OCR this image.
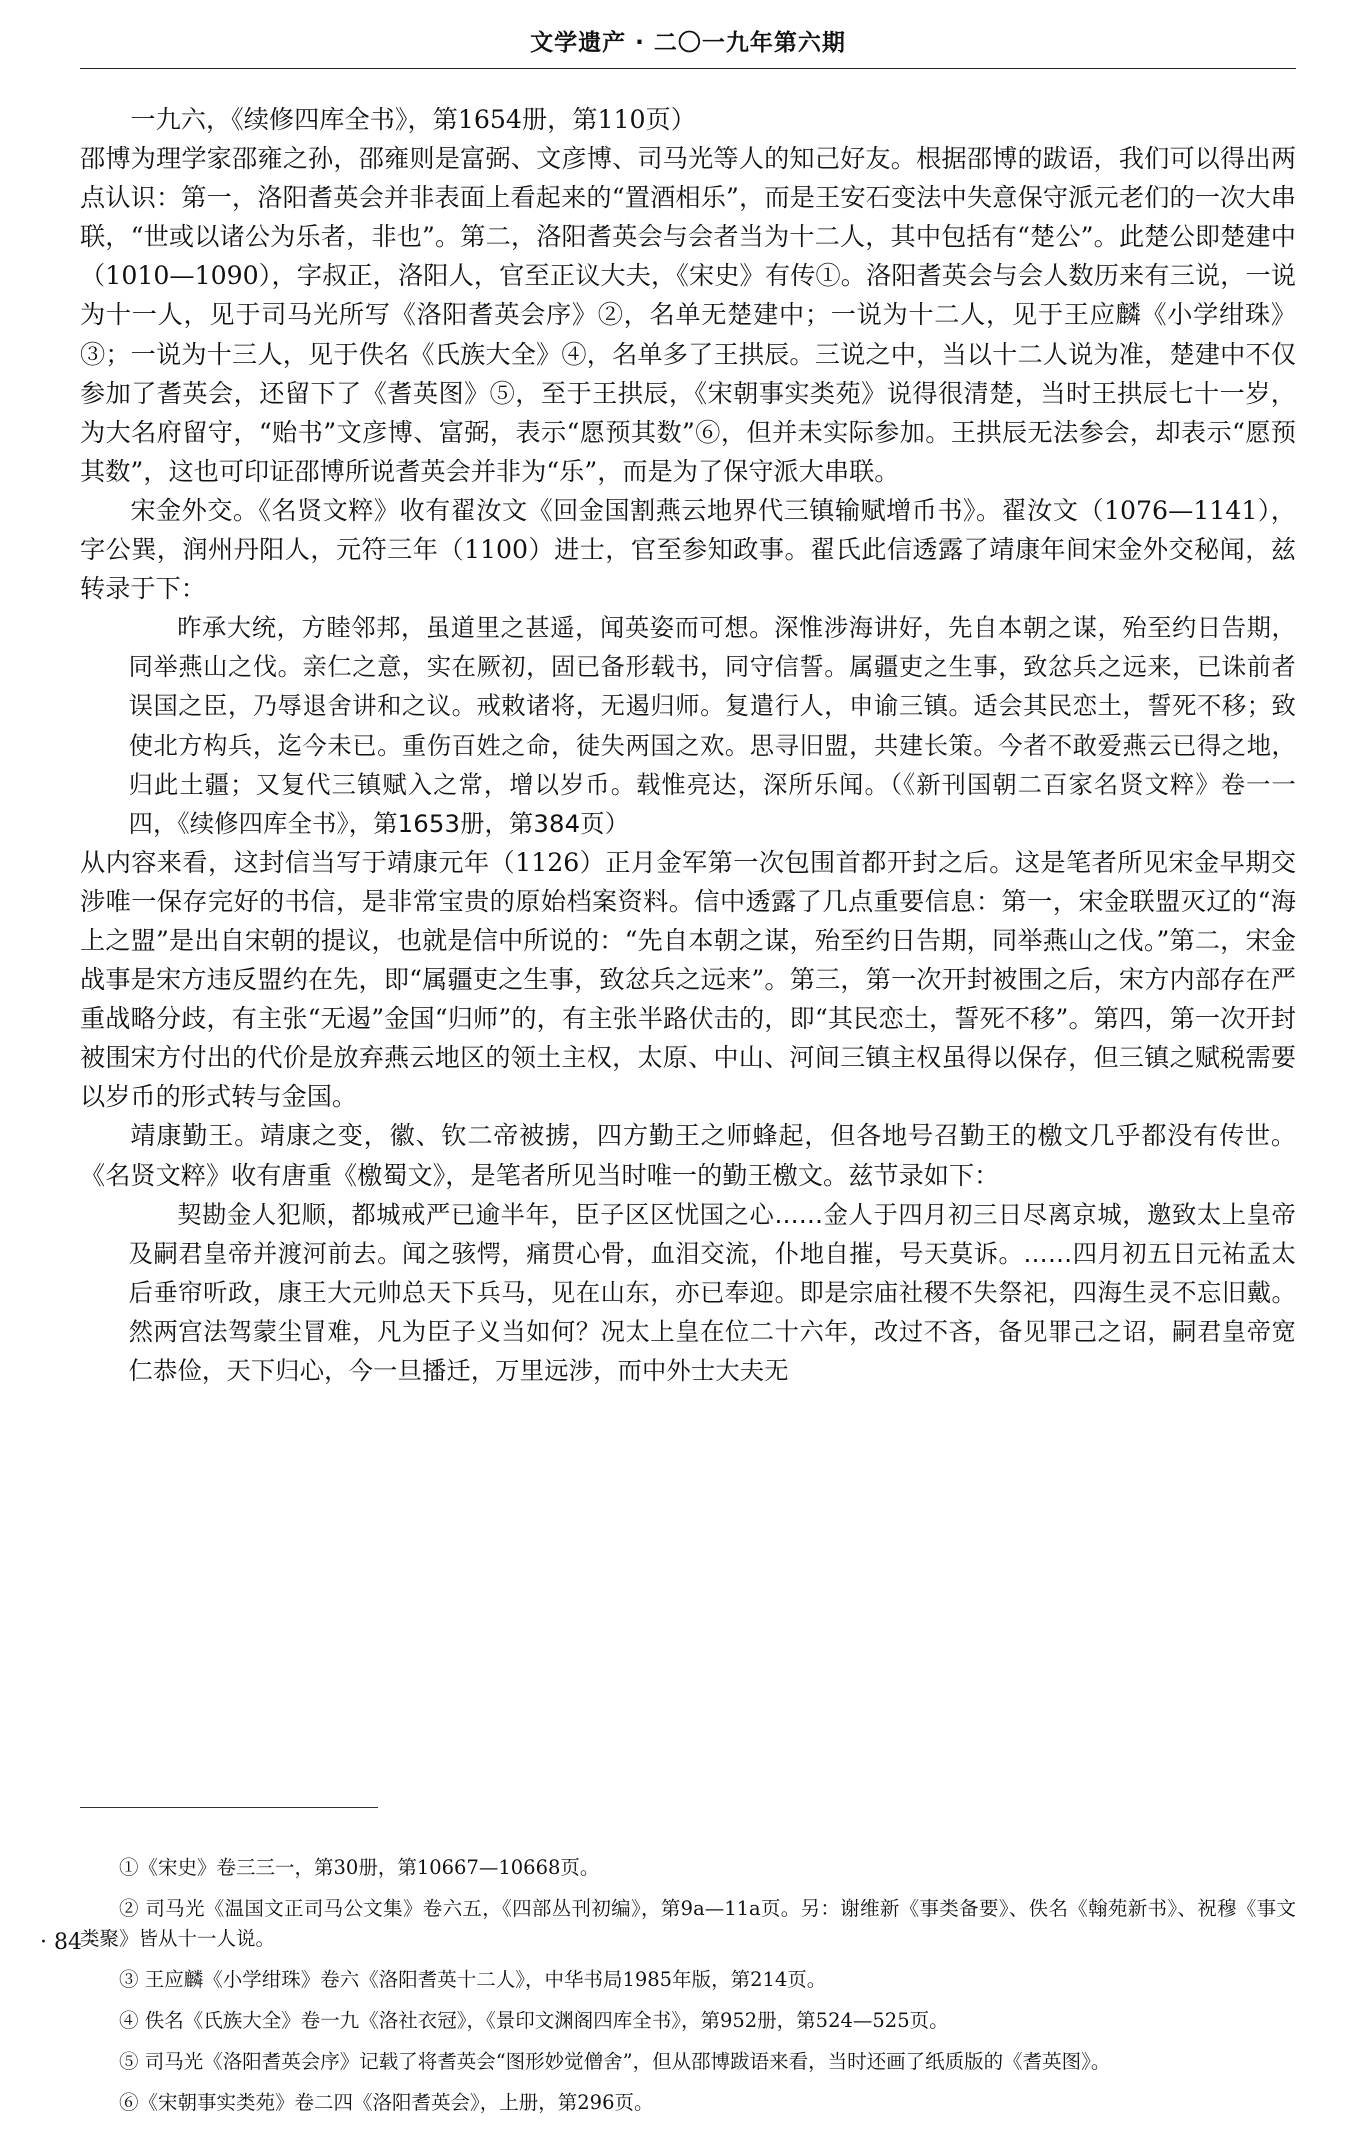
文学遗产 · 二〇一九年第六期

一九六，《续修四库全书》，第1654册，第110页）

邵博为理学家邵雍之孙，邵雍则是富弼、文彦博、司马光等人的知己好友。根据邵博的跋语，我们可以得出两点认识：第一，洛阳耆英会并非表面上看起来的“置酒相乐”，而是王安石变法中失意保守派元老们的一次大串联，“世或以诸公为乐者，非也”。第二，洛阳耆英会与会者当为十二人，其中包括有“楚公”。此楚公即楚建中（1010—1090），字叔正，洛阳人，官至正议大夫，《宋史》有传①。洛阳耆英会与会人数历来有三说，一说为十一人，见于司马光所写《洛阳耆英会序》②，名单无楚建中；一说为十二人，见于王应麟《小学绀珠》③；一说为十三人，见于佚名《氏族大全》④，名单多了王拱辰。三说之中，当以十二人说为准，楚建中不仅参加了耆英会，还留下了《耆英图》⑤，至于王拱辰，《宋朝事实类苑》说得很清楚，当时王拱辰七十一岁，为大名府留守，“贻书”文彦博、富弼，表示“愿预其数”⑥，但并未实际参加。王拱辰无法参会，却表示“愿预其数”，这也可印证邵博所说耆英会并非为“乐”，而是为了保守派大串联。

宋金外交。《名贤文粹》收有翟汝文《回金国割燕云地界代三镇输赋增币书》。翟汝文（1076—1141），字公巽，润州丹阳人，元符三年（1100）进士，官至参知政事。翟氏此信透露了靖康年间宋金外交秘闻，兹转录于下：

昨承大统，方睦邻邦，虽道里之甚遥，闻英姿而可想。深惟涉海讲好，先自本朝之谋，殆至约日告期，同举燕山之伐。亲仁之意，实在厥初，固已备形载书，同守信誓。属疆吏之生事，致忿兵之远来，已诛前者误国之臣，乃辱退舍讲和之议。戒敕诸将，无遏归师。复遣行人，申谕三镇。适会其民恋土，誓死不移；致使北方构兵，迄今未已。重伤百姓之命，徒失两国之欢。思寻旧盟，共建长策。今者不敢爱燕云已得之地，归此土疆；又复代三镇赋入之常，增以岁币。载惟亮达，深所乐闻。（《新刊国朝二百家名贤文粹》卷一一四，《续修四库全书》，第1653册，第384页）

从内容来看，这封信当写于靖康元年（1126）正月金军第一次包围首都开封之后。这是笔者所见宋金早期交涉唯一保存完好的书信，是非常宝贵的原始档案资料。信中透露了几点重要信息：第一，宋金联盟灭辽的“海上之盟”是出自宋朝的提议，也就是信中所说的：“先自本朝之谋，殆至约日告期，同举燕山之伐。”第二，宋金战事是宋方违反盟约在先，即“属疆吏之生事，致忿兵之远来”。第三，第一次开封被围之后，宋方内部存在严重战略分歧，有主张“无遏”金国“归师”的，有主张半路伏击的，即“其民恋土，誓死不移”。第四，第一次开封被围宋方付出的代价是放弃燕云地区的领土主权，太原、中山、河间三镇主权虽得以保存，但三镇之赋税需要以岁币的形式转与金国。

靖康勤王。靖康之变，徽、钦二帝被掳，四方勤王之师蜂起，但各地号召勤王的檄文几乎都没有传世。《名贤文粹》收有唐重《檄蜀文》，是笔者所见当时唯一的勤王檄文。兹节录如下：

契勘金人犯顺，都城戒严已逾半年，臣子区区忧国之心……金人于四月初三日尽离京城，邀致太上皇帝及嗣君皇帝并渡河前去。闻之骇愕，痛贯心骨，血泪交流，仆地自摧，号天莫诉。……四月初五日元祐孟太后垂帘听政，康王大元帅总天下兵马，见在山东，亦已奉迎。即是宗庙社稷不失祭祀，四海生灵不忘旧戴。然两宫法驾蒙尘冒难，凡为臣子义当如何？况太上皇在位二十六年，改过不吝，备见罪己之诏，嗣君皇帝宽仁恭俭，天下归心，今一旦播迁，万里远涉，而中外士大夫无

①《宋史》卷三三一，第30册，第10667—10668页。

② 司马光《温国文正司马公文集》卷六五，《四部丛刊初编》，第9a—11a页。另：谢维新《事类备要》、佚名《翰苑新书》、祝穆《事文类聚》皆从十一人说。

③ 王应麟《小学绀珠》卷六《洛阳耆英十二人》，中华书局1985年版，第214页。

④ 佚名《氏族大全》卷一九《洛社衣冠》，《景印文渊阁四库全书》，第952册，第524—525页。

⑤ 司马光《洛阳耆英会序》记载了将耆英会“图形妙觉僧舍”，但从邵博跋语来看，当时还画了纸质版的《耆英图》。

⑥《宋朝事实类苑》卷二四《洛阳耆英会》，上册，第296页。

· 84 ·
